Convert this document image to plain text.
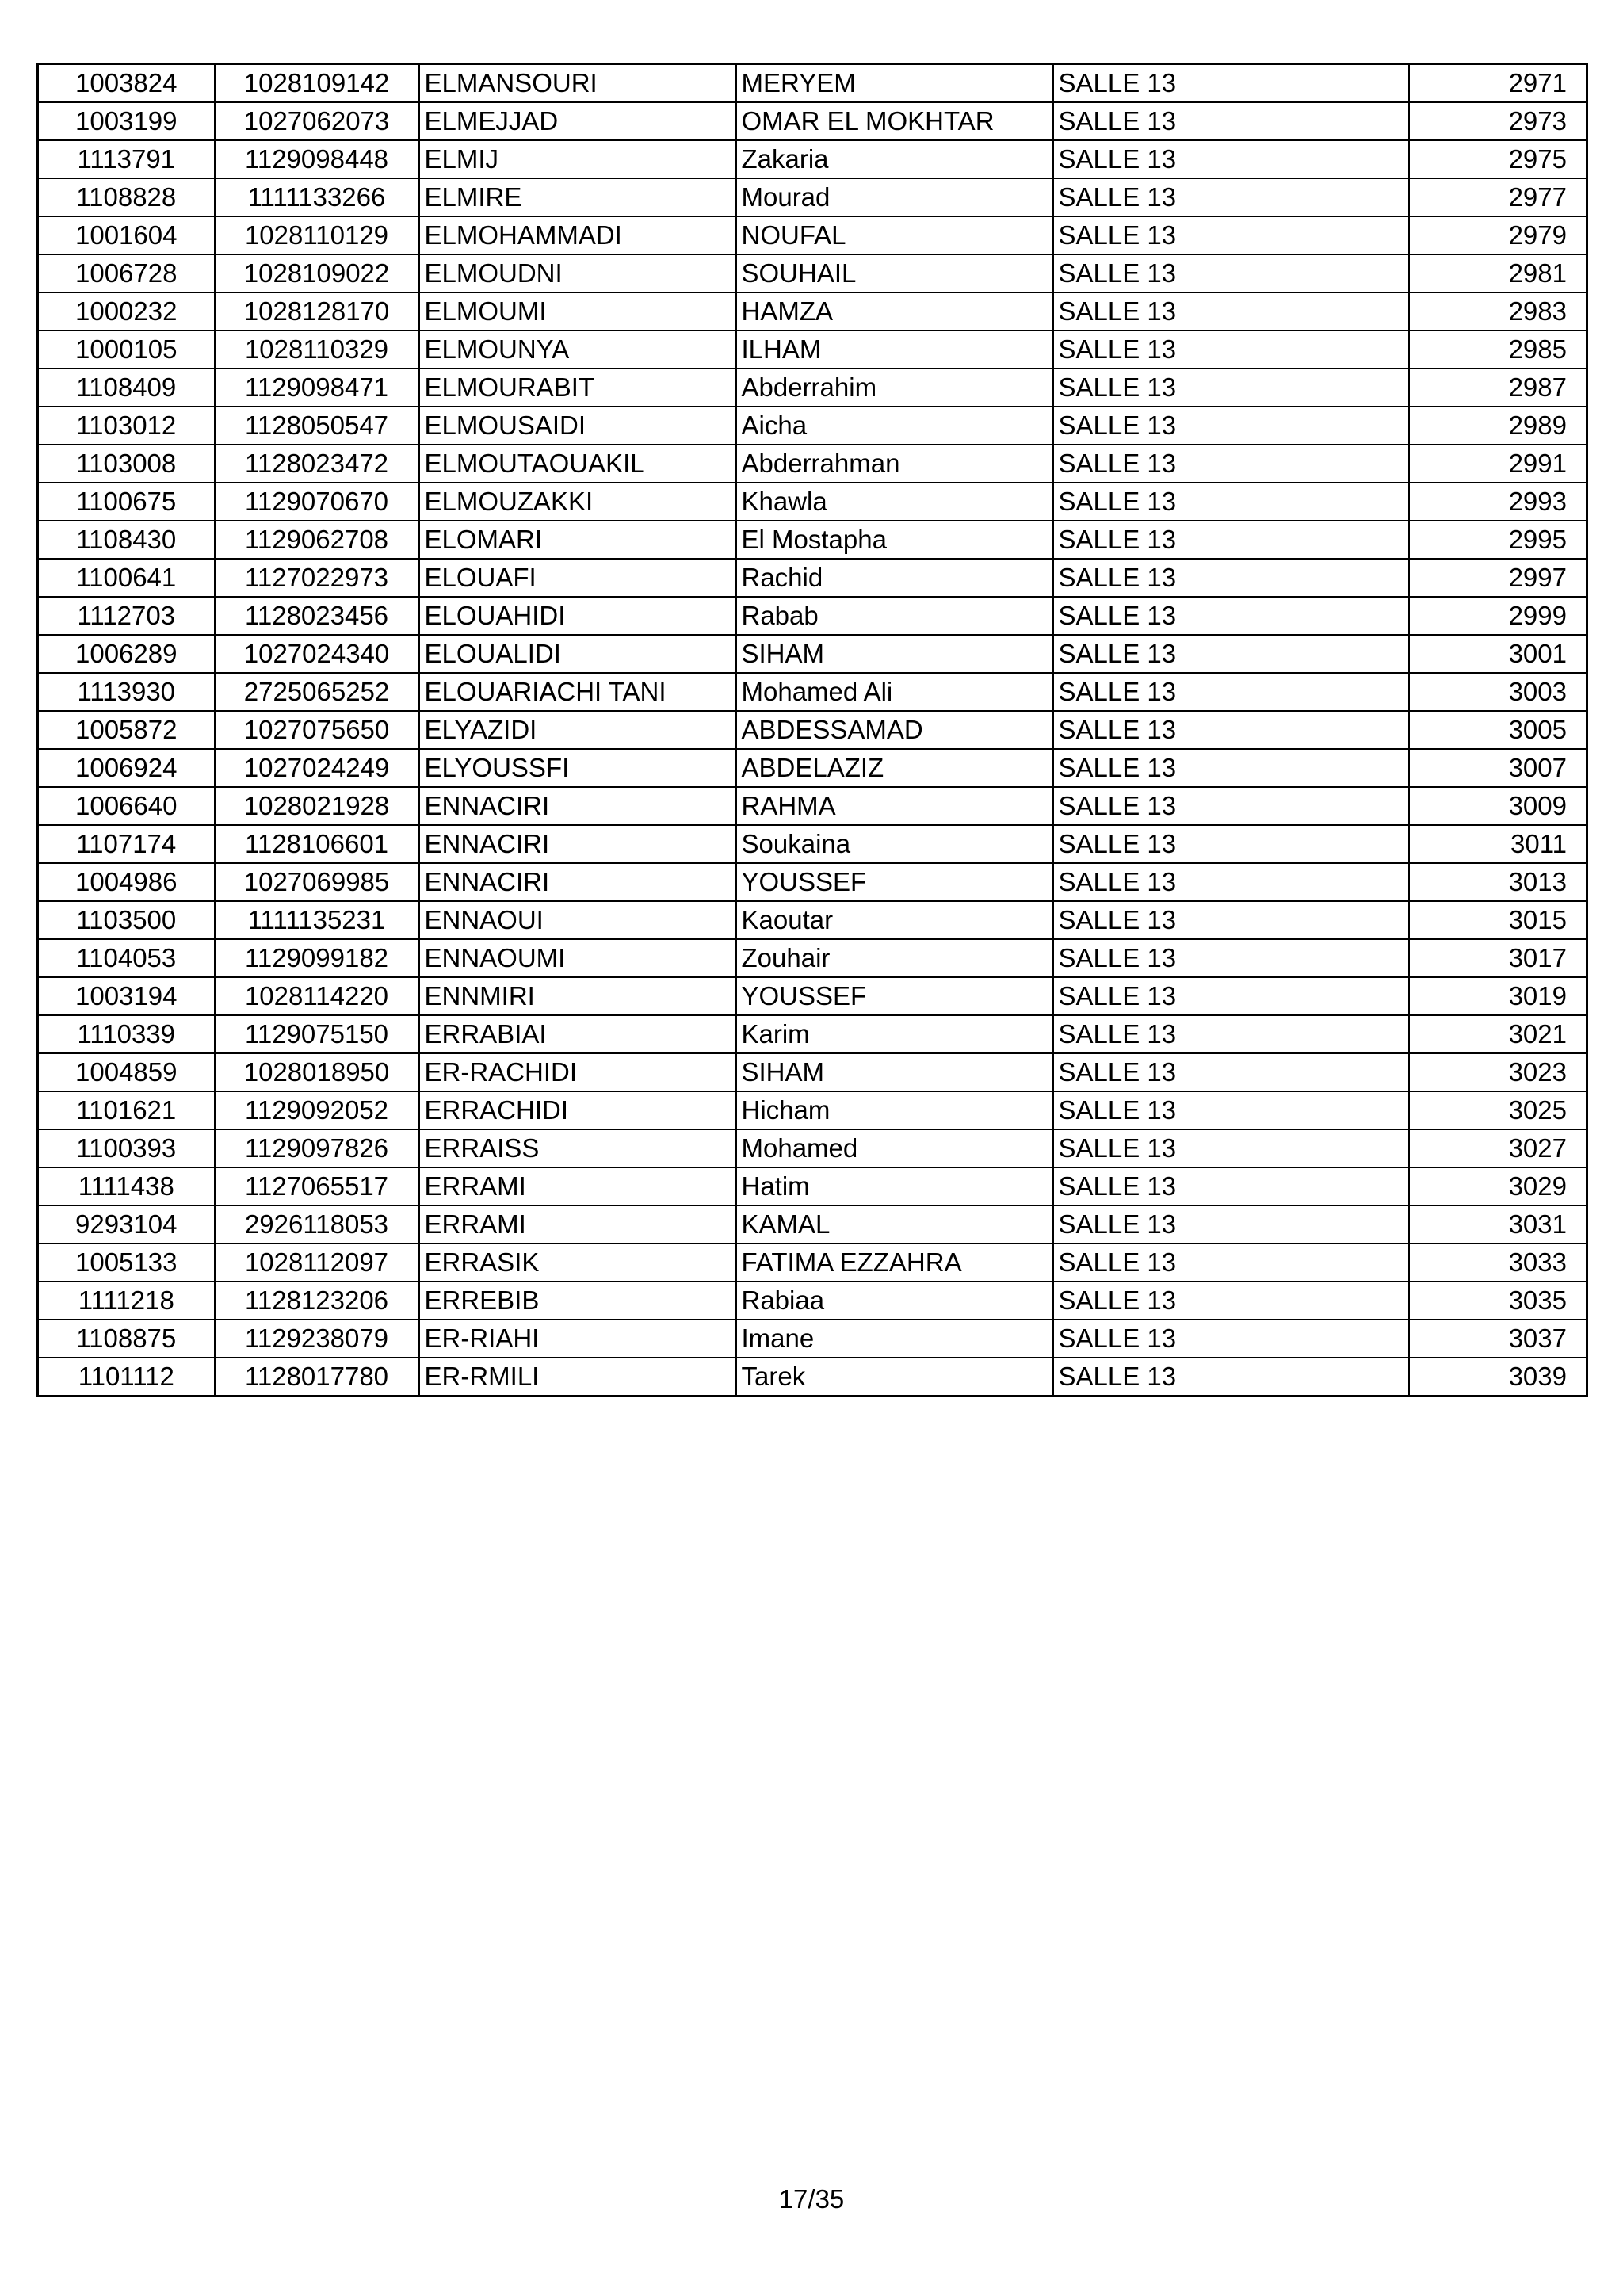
1003824	1028109142	ELMANSOURI	MERYEM	SALLE 13	2971
1003199	1027062073	ELMEJJAD	OMAR EL MOKHTAR	SALLE 13	2973
1113791	1129098448	ELMIJ	Zakaria	SALLE 13	2975
1108828	1111133266	ELMIRE	Mourad	SALLE 13	2977
1001604	1028110129	ELMOHAMMADI	NOUFAL	SALLE 13	2979
1006728	1028109022	ELMOUDNI	SOUHAIL	SALLE 13	2981
1000232	1028128170	ELMOUMI	HAMZA	SALLE 13	2983
1000105	1028110329	ELMOUNYA	ILHAM	SALLE 13	2985
1108409	1129098471	ELMOURABIT	Abderrahim	SALLE 13	2987
1103012	1128050547	ELMOUSAIDI	Aicha	SALLE 13	2989
1103008	1128023472	ELMOUTAOUAKIL	Abderrahman	SALLE 13	2991
1100675	1129070670	ELMOUZAKKI	Khawla	SALLE 13	2993
1108430	1129062708	ELOMARI	El Mostapha	SALLE 13	2995
1100641	1127022973	ELOUAFI	Rachid	SALLE 13	2997
1112703	1128023456	ELOUAHIDI	Rabab	SALLE 13	2999
1006289	1027024340	ELOUALIDI	SIHAM	SALLE 13	3001
1113930	2725065252	ELOUARIACHI TANI	Mohamed Ali	SALLE 13	3003
1005872	1027075650	ELYAZIDI	ABDESSAMAD	SALLE 13	3005
1006924	1027024249	ELYOUSSFI	ABDELAZIZ	SALLE 13	3007
1006640	1028021928	ENNACIRI	RAHMA	SALLE 13	3009
1107174	1128106601	ENNACIRI	Soukaina	SALLE 13	3011
1004986	1027069985	ENNACIRI	YOUSSEF	SALLE 13	3013
1103500	1111135231	ENNAOUI	Kaoutar	SALLE 13	3015
1104053	1129099182	ENNAOUMI	Zouhair	SALLE 13	3017
1003194	1028114220	ENNMIRI	YOUSSEF	SALLE 13	3019
1110339	1129075150	ERRABIAI	Karim	SALLE 13	3021
1004859	1028018950	ER-RACHIDI	SIHAM	SALLE 13	3023
1101621	1129092052	ERRACHIDI	Hicham	SALLE 13	3025
1100393	1129097826	ERRAISS	Mohamed	SALLE 13	3027
1111438	1127065517	ERRAMI	Hatim	SALLE 13	3029
9293104	2926118053	ERRAMI	KAMAL	SALLE 13	3031
1005133	1028112097	ERRASIK	FATIMA EZZAHRA	SALLE 13	3033
1111218	1128123206	ERREBIB	Rabiaa	SALLE 13	3035
1108875	1129238079	ER-RIAHI	Imane	SALLE 13	3037
1101112	1128017780	ER-RMILI	Tarek	SALLE 13	3039
17/35
